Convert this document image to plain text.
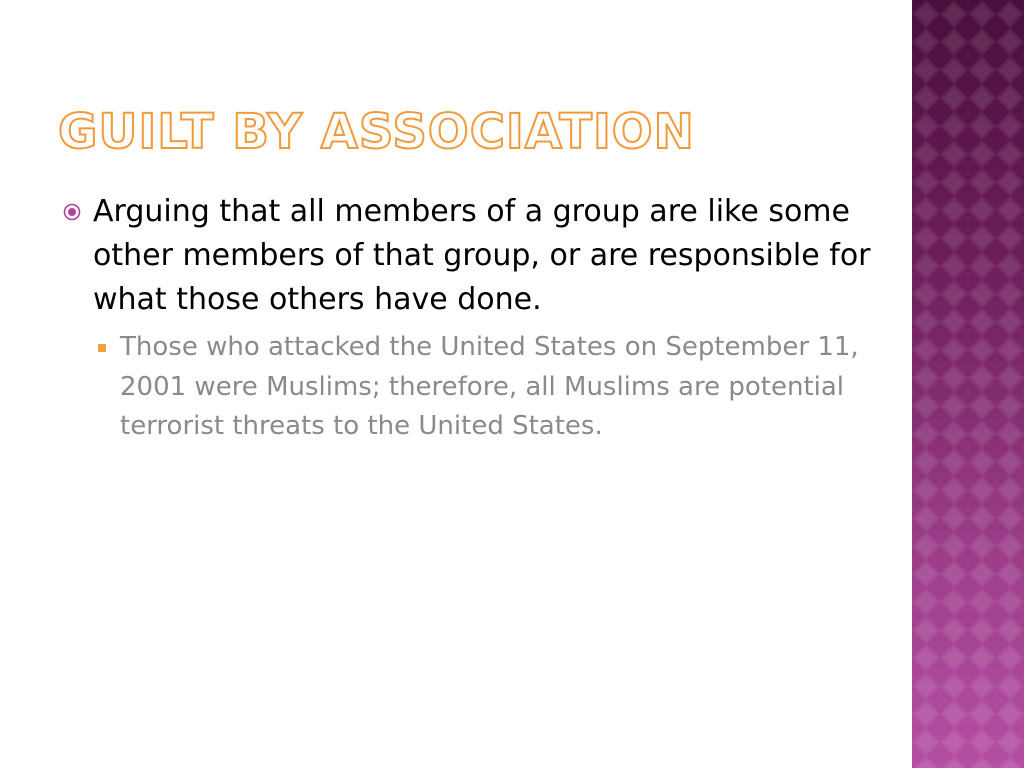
GUILT BY ASSOCIATION

Arguing that all members of a group are like some other members of that group, or are responsible for what those others have done.

Those who attacked the United States on September 11, 2001 were Muslims; therefore, all Muslims are potential terrorist threats to the United States.
